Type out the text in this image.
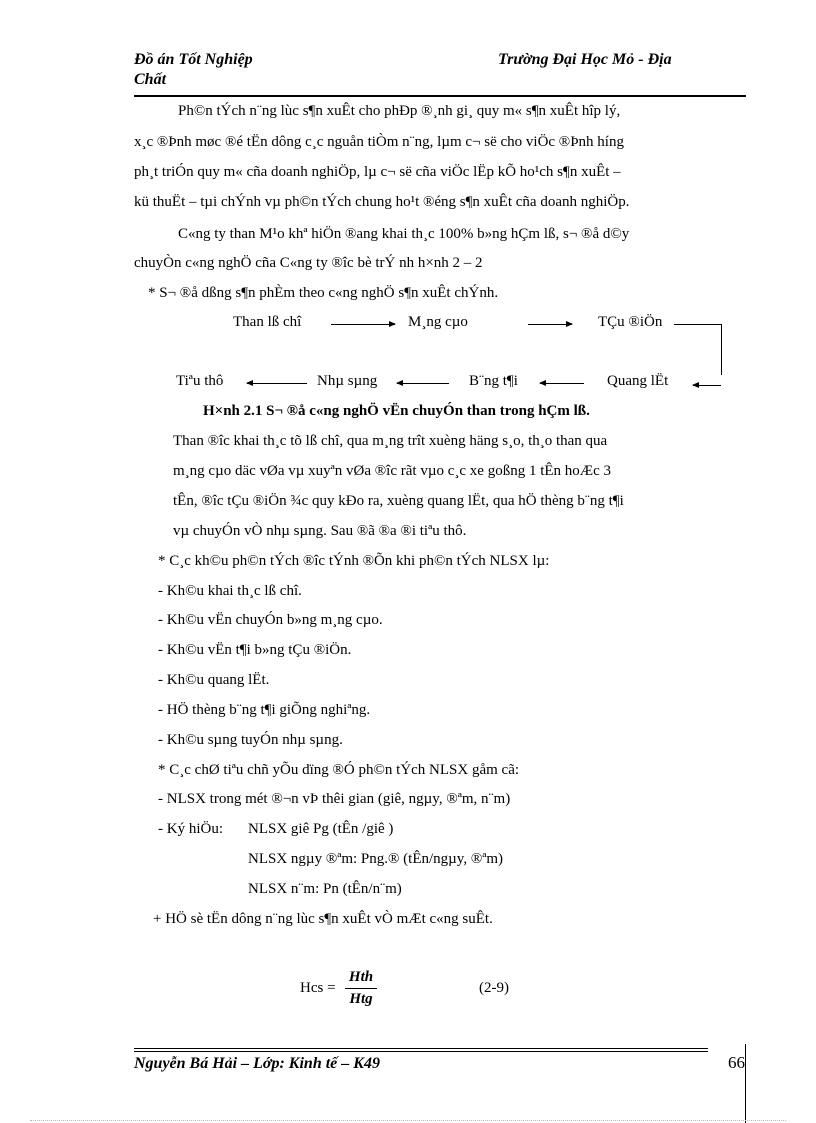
Đồ án Tốt Nghiệp
Chất
Trường Đại Học Mỏ - Địa
Ph©n tÝch n¨ng lùc s¶n xuÊt cho phÐp ®¸nh gi¸ quy m« s¶n xuÊt hîp lý,
x¸c ®Þnh møc ®é tËn dông c¸c nguån tiÒm n¨ng, lµm c¬ së cho viÖc ®Þnh híng
ph¸t triÓn quy m« cña doanh nghiÖp, lµ c¬ së cña viÖc lËp kÕ ho¹ch s¶n xuÊt –
kü thuËt – tµi chÝnh vµ ph©n tÝch chung ho¹t ®éng s¶n xuÊt cña doanh nghiÖp.
C«ng ty than M¹o khª hiÖn ®ang khai th¸c 100% b»ng hÇm lß, s¬ ®å d©y
chuyÒn c«ng nghÖ cña C«ng ty ®îc bè trÝ nh h×nh 2 – 2
* S¬ ®å dßng s¶n phÈm theo c«ng nghÖ s¶n xuÊt chÝnh.
Than lß chî	M¸ng cµo	TÇu ®iÖn
Tiªu thô	Nhµ sµng	B¨ng t¶i	Quang lËt
H×nh 2.1 S¬ ®å c«ng nghÖ vËn chuyÓn than trong hÇm lß.
Than ®îc khai th¸c tõ lß chî, qua m¸ng trît xuèng häng s¸o, th¸o than qua
m¸ng cµo däc vØa vµ xuyªn vØa ®îc rãt vµo c¸c xe goßng 1 tÊn hoÆc 3
tÊn, ®îc tÇu ®iÖn ¾c quy kÐo ra, xuèng quang lËt, qua hÖ thèng b¨ng t¶i
vµ chuyÓn vÒ nhµ sµng. Sau ®ã ®a ®i tiªu thô.
* C¸c kh©u ph©n tÝch ®îc tÝnh ®Õn khi ph©n tÝch NLSX lµ:
- Kh©u khai th¸c lß chî.
- Kh©u vËn chuyÓn b»ng m¸ng cµo.
- Kh©u vËn t¶i b»ng tÇu ®iÖn.
- Kh©u quang lËt.
- HÖ thèng b¨ng t¶i giÕng nghiªng.
- Kh©u sµng tuyÓn nhµ sµng.
* C¸c chØ tiªu chñ yÕu dïng ®Ó ph©n tÝch NLSX gåm cã:
- NLSX trong mét ®¬n vÞ thêi gian (giê, ngµy, ®ªm, n¨m)
- Ký hiÖu: NLSX giê Pg (tÊn /giê )
NLSX ngµy ®ªm: Png.® (tÊn/ngµy, ®ªm)
NLSX n¨m: Pn (tÊn/n¨m)
+ HÖ sè tËn dông n¨ng lùc s¶n xuÊt vÒ mÆt c«ng suÊt.
Hcs =
Hth
Htg
(2-9)
Nguyễn Bá Hải – Lớp: Kinh tế – K49	66
